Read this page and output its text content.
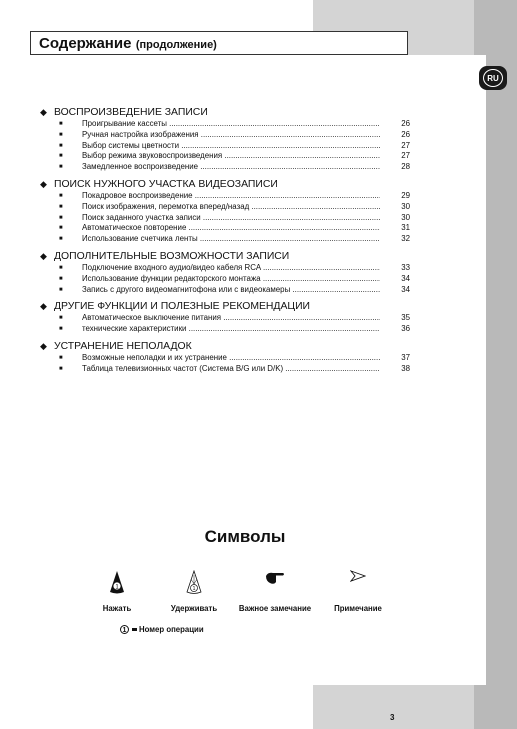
Содержание (продолжение)
RU
◆ ВОСПРОИЗВЕДЕНИЕ ЗАПИСИ
■ Проигрывание кассеты .....	26
■ Ручная настройка изображения .....	26
■ Выбор системы цветности .....	27
■ Выбор режима звуковоспроизведения .....	27
■ Замедленное воспроизведение .....	28
◆ ПОИСК НУЖНОГО УЧАСТКА ВИДЕОЗАПИСИ
■ Покадровое воспроизведение .....	29
■ Поиск изображения, перемотка вперед/назад .....	30
■ Поиск заданного участка записи .....	30
■ Автоматическое повторение .....	31
■ Использование счетчика ленты .....	32
◆ ДОПОЛНИТЕЛЬНЫЕ ВОЗМОЖНОСТИ ЗАПИСИ
■ Подключение входного аудио/видео кабеля RCA .....	33
■ Использование функции редакторского монтажа .....	34
■ Запись с другого видеомагнитофона или с видеокамеры .....	34
◆ ДРУГИЕ ФУНКЦИИ И ПОЛЕЗНЫЕ РЕКОМЕНДАЦИИ
■ Автоматическое выключение питания .....	35
■ технические характеристики .....	36
◆ УСТРАНЕНИЕ НЕПОЛАДОК
■ Возможные неполадки и их устранение .....	37
■ Таблица телевизионных частот (Система B/G или D/K) .....	38
Символы
1	1
Нажать	Удерживать	Важное замечание	Примечание
1 Номер операции
3
